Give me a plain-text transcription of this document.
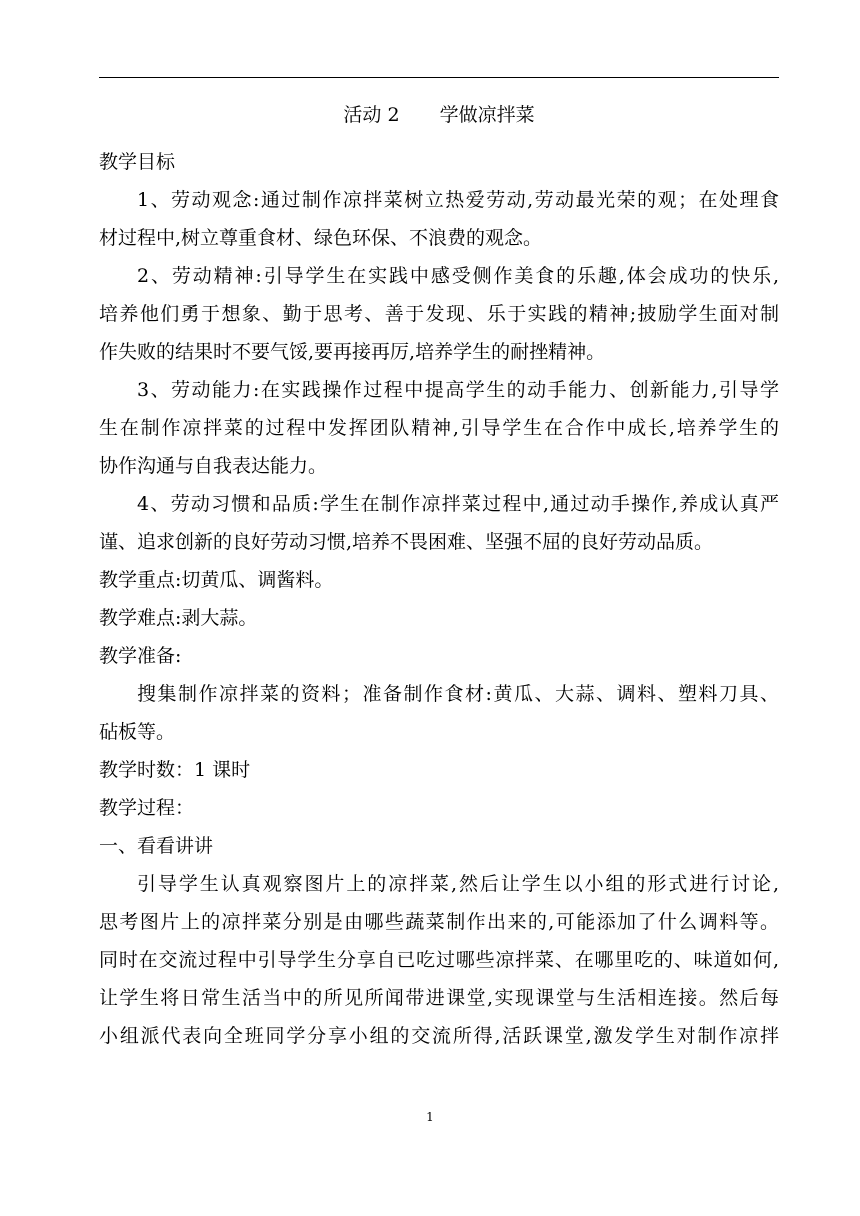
活动 2 学做凉拌菜
教学目标
1、劳动观念:通过制作凉拌菜树立热爱劳动,劳动最光荣的观；在处理食
材过程中,树立尊重食材、绿色环保、不浪费的观念。
2、劳动精神:引导学生在实践中感受侧作美食的乐趣,体会成功的快乐,
培养他们勇于想象、勤于思考、善于发现、乐于实践的精神;披励学生面对制
作失败的结果时不要气馁,要再接再厉,培养学生的耐挫精神。
3、劳动能力:在实践操作过程中提高学生的动手能力、创新能力,引导学
生在制作凉拌菜的过程中发挥团队精神,引导学生在合作中成长,培养学生的
协作沟通与自我表达能力。
4、劳动习惯和品质:学生在制作凉拌菜过程中,通过动手操作,养成认真严
谨、追求创新的良好劳动习惯,培养不畏困难、坚强不屈的良好劳动品质。
教学重点:切黄瓜、调酱料。
教学难点:剥大蒜。
教学准备:
搜集制作凉拌菜的资料；准备制作食材:黄瓜、大蒜、调料、塑料刀具、
砧板等。
教学时数：1 课时
教学过程：
一、看看讲讲
引导学生认真观察图片上的凉拌菜,然后让学生以小组的形式进行讨论,
思考图片上的凉拌菜分别是由哪些蔬菜制作出来的,可能添加了什么调料等。
同时在交流过程中引导学生分享自已吃过哪些凉拌菜、在哪里吃的、味道如何,
让学生将日常生活当中的所见所闻带进课堂,实现课堂与生活相连接。然后每
小组派代表向全班同学分享小组的交流所得,活跃课堂,激发学生对制作凉拌
1
